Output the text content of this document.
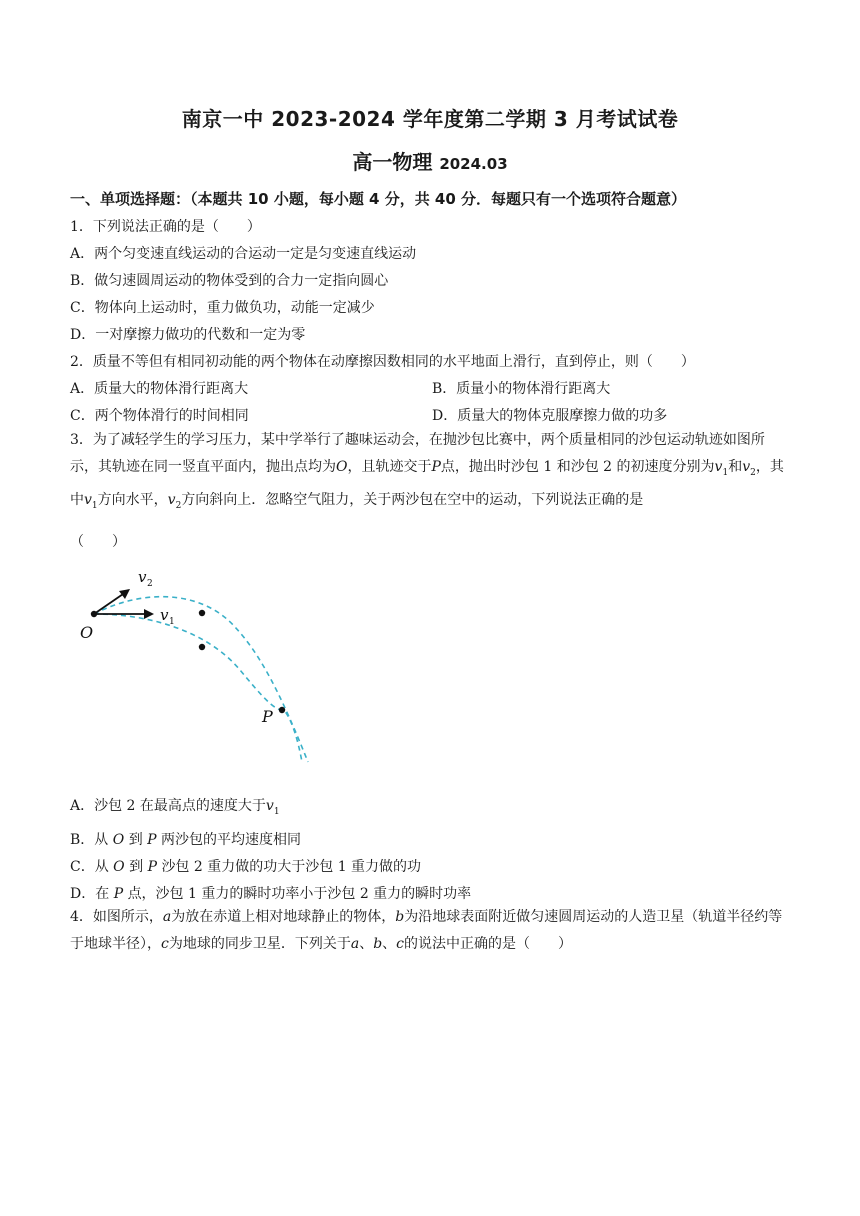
南京一中 2023-2024 学年度第二学期 3 月考试试卷
高一物理 2024.03
一、单项选择题：（本题共 10 小题，每小题 4 分，共 40 分．每题只有一个选项符合题意）
1．下列说法正确的是（　　）
A．两个匀变速直线运动的合运动一定是匀变速直线运动
B．做匀速圆周运动的物体受到的合力一定指向圆心
C．物体向上运动时，重力做负功，动能一定减少
D．一对摩擦力做功的代数和一定为零
2．质量不等但有相同初动能的两个物体在动摩擦因数相同的水平地面上滑行，直到停止，则（　　）
A．质量大的物体滑行距离大	B．质量小的物体滑行距离大
C．两个物体滑行的时间相同	D．质量大的物体克服摩擦力做的功多
3．为了减轻学生的学习压力，某中学举行了趣味运动会，在抛沙包比赛中，两个质量相同的沙包运动轨迹如图所示，其轨迹在同一竖直平面内，抛出点均为O，且轨迹交于P点，抛出时沙包 1 和沙包 2 的初速度分别为$v_1$和$v_2$，其中$v_1$方向水平，$v_2$方向斜向上．忽略空气阻力，关于两沙包在空中的运动，下列说法正确的是
（　　）
O
P
v 1
v 2
A．沙包 2 在最高点的速度大于$v_1$
B．从 O 到 P 两沙包的平均速度相同
C．从 O 到 P 沙包 2 重力做的功大于沙包 1 重力做的功
D．在 P 点，沙包 1 重力的瞬时功率小于沙包 2 重力的瞬时功率
4．如图所示，a为放在赤道上相对地球静止的物体，b为沿地球表面附近做匀速圆周运动的人造卫星（轨道半径约等于地球半径），c为地球的同步卫星．下列关于a、b、c的说法中正确的是（　　）
